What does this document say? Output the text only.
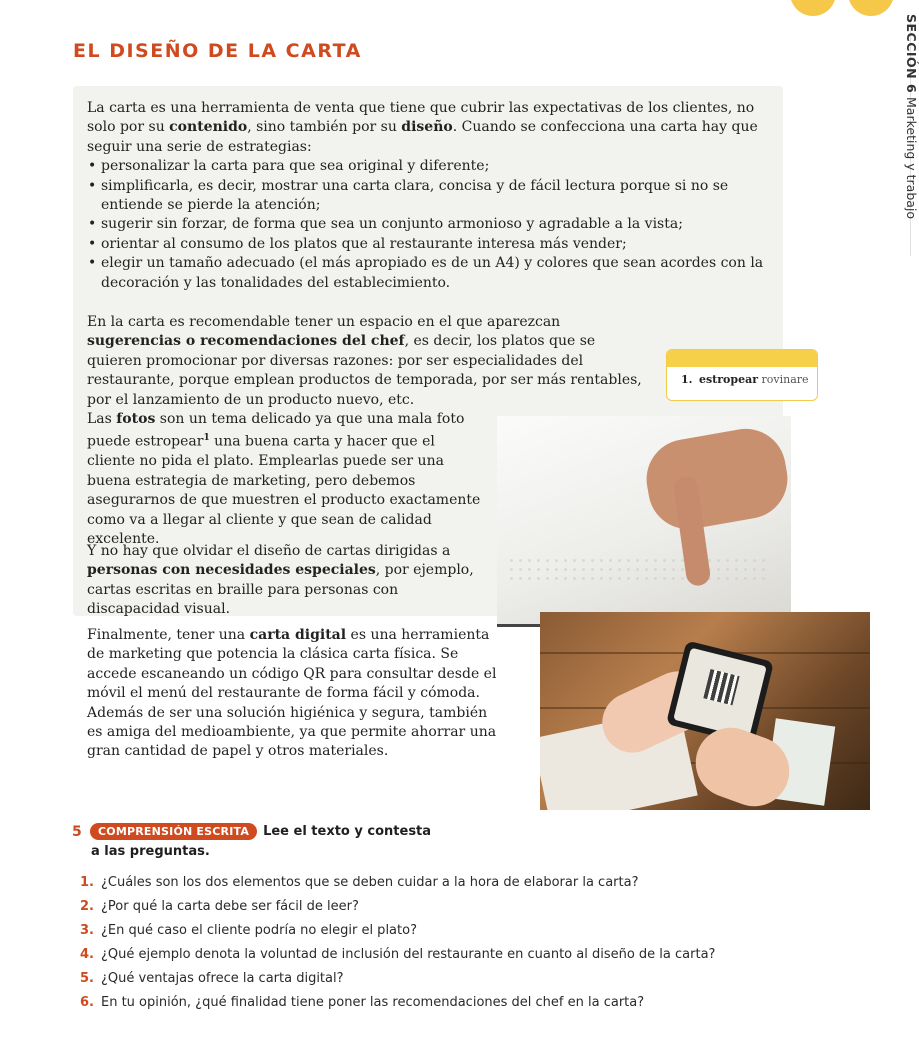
SECCIÓN 6

Marketing y trabajo
EL DISEÑO DE LA CARTA

La carta es una herramienta de venta que tiene que cubrir las expectativas de los clientes, no solo por su contenido, sino también por su diseño. Cuando se confecciona una carta hay que seguir una serie de estrategias:

• personalizar la carta para que sea original y diferente;
• simplificarla, es decir, mostrar una carta clara, concisa y de fácil lectura porque si no se entiende se pierde la atención;
• sugerir sin forzar, de forma que sea un conjunto armonioso y agradable a la vista;
• orientar al consumo de los platos que al restaurante interesa más vender;
• elegir un tamaño adecuado (el más apropiado es de un A4) y colores que sean acordes con la decoración y las tonalidades del establecimiento.

En la carta es recomendable tener un espacio en el que aparezcan sugerencias o recomendaciones del chef, es decir, los platos que se quieren promocionar por diversas razones: por ser especialidades del restaurante, porque emplean productos de temporada, por ser más rentables, por el lanzamiento de un producto nuevo, etc.

1. estropear rovinare

Las fotos son un tema delicado ya que una mala foto puede estropear$^1$ una buena carta y hacer que el cliente no pida el plato. Emplearlas puede ser una buena estrategia de marketing, pero debemos asegurarnos de que muestren el producto exactamente como va a llegar al cliente y que sean de calidad excelente.

Y no hay que olvidar el diseño de cartas dirigidas a personas con necesidades especiales, por ejemplo, cartas escritas en braille para personas con discapacidad visual.

Finalmente, tener una carta digital es una herramienta de marketing que potencia la clásica carta física. Se accede escaneando un código QR para consultar desde el móvil el menú del restaurante de forma fácil y cómoda. Además de ser una solución higiénica y segura, también es amiga del medioambiente, ya que permite ahorrar una gran cantidad de papel y otros materiales.

5	COMPRENSIÓN ESCRITA	Lee el texto y contesta
a las preguntas.
1. ¿Cuáles son los dos elementos que se deben cuidar a la hora de elaborar la carta?
2. ¿Por qué la carta debe ser fácil de leer?
3. ¿En qué caso el cliente podría no elegir el plato?
4. ¿Qué ejemplo denota la voluntad de inclusión del restaurante en cuanto al diseño de la carta?
5. ¿Qué ventajas ofrece la carta digital?
6. En tu opinión, ¿qué finalidad tiene poner las recomendaciones del chef en la carta?
